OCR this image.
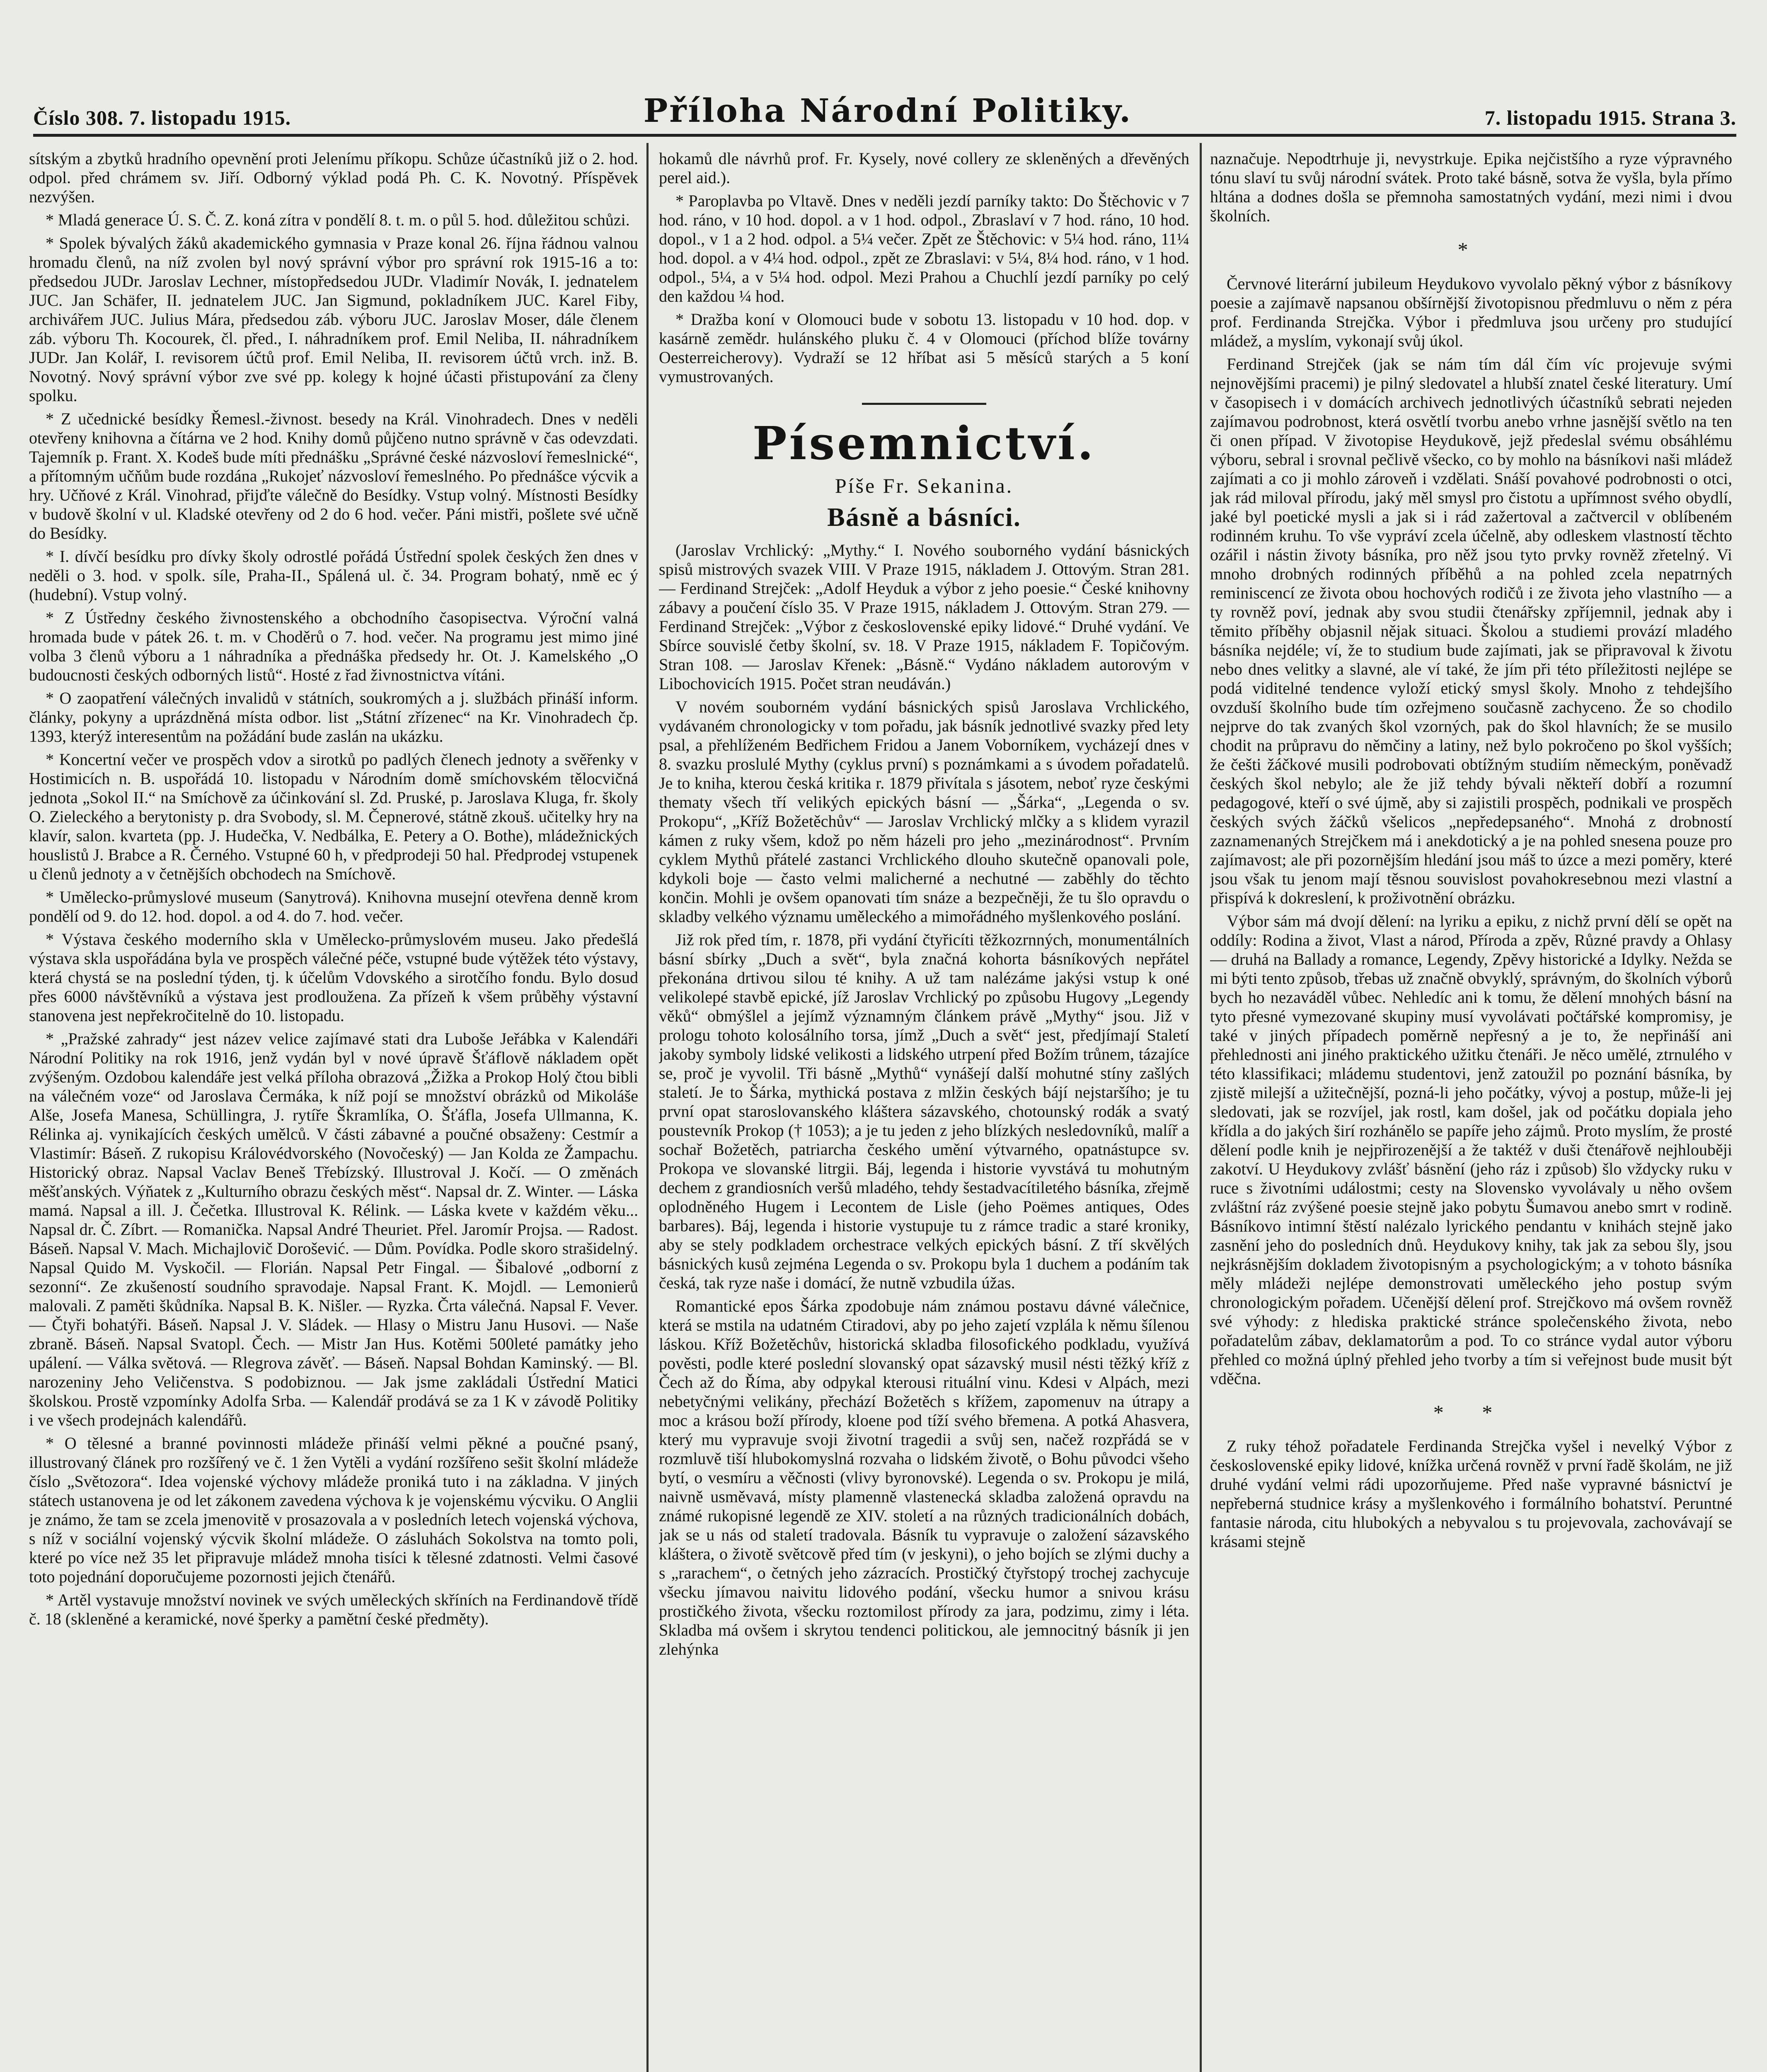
Číslo 308. 7. listopadu 1915.	Příloha Národní Politiky.	7. listopadu 1915. Strana 3.

sítským a zbytků hradního opevnění proti Jelenímu příkopu. Schůze účastníků již o 2. hod. odpol. před chrámem sv. Jiří. Odborný výklad podá Ph. C. K. Novotný. Příspěvek nezvýšen.

* Mladá generace Ú. S. Č. Z. koná zítra v pondělí 8. t. m. o půl 5. hod. důležitou schůzi.

* Spolek bývalých žáků akademického gymnasia v Praze konal 26. října řádnou valnou hromadu členů, na níž zvolen byl nový správní výbor pro správní rok 1915-16 a to: předsedou JUDr. Jaroslav Lechner, místopředsedou JUDr. Vladimír Novák, I. jednatelem JUC. Jan Schäfer, II. jednatelem JUC. Jan Sigmund, pokladníkem JUC. Karel Fiby, archivářem JUC. Julius Mára, předsedou záb. výboru JUC. Jaroslav Moser, dále členem záb. výboru Th. Kocourek, čl. před., I. náhradníkem prof. Emil Neliba, II. náhradníkem JUDr. Jan Kolář, I. revisorem účtů prof. Emil Neliba, II. revisorem účtů vrch. inž. B. Novotný. Nový správní výbor zve své pp. kolegy k hojné účasti přistupování za členy spolku.

* Z učednické besídky Řemesl.-živnost. besedy na Král. Vinohradech. Dnes v neděli otevřeny knihovna a čítárna ve 2 hod. Knihy domů půjčeno nutno správně v čas odevzdati. Tajemník p. Frant. X. Kodeš bude míti přednášku „Správné české názvosloví řemeslnické“, a přítomným učňům bude rozdána „Rukojeť názvosloví řemeslného. Po přednášce výcvik a hry. Učňové z Král. Vinohrad, přijďte válečně do Besídky. Vstup volný. Místnosti Besídky v budově školní v ul. Kladské otevřeny od 2 do 6 hod. večer. Páni mistři, pošlete své učně do Besídky.

* I. dívčí besídku pro dívky školy odrostlé pořádá Ústřední spolek českých žen dnes v neděli o 3. hod. v spolk. síle, Praha-II., Spálená ul. č. 34. Program bohatý, nmě ec ý (hudební). Vstup volný.

* Z Ústředny českého živnostenského a obchodního časopisectva. Výroční valná hromada bude v pátek 26. t. m. v Choděrů o 7. hod. večer. Na programu jest mimo jiné volba 3 členů výboru a 1 náhradníka a přednáška předsedy hr. Ot. J. Kamelského „O budoucnosti českých odborných listů“. Hosté z řad živnostnictva vítáni.

* O zaopatření válečných invalidů v státních, soukromých a j. službách přináší inform. články, pokyny a uprázdněná místa odbor. list „Státní zřízenec“ na Kr. Vinohradech čp. 1393, kterýž interesentům na požádání bude zaslán na ukázku.

* Koncertní večer ve prospěch vdov a sirotků po padlých členech jednoty a svěřenky v Hostimicích n. B. uspořádá 10. listopadu v Národním domě smíchovském tělocvičná jednota „Sokol II.“ na Smíchově za účinkování sl. Zd. Pruské, p. Jaroslava Kluga, fr. školy O. Zieleckého a berytonisty p. dra Svobody, sl. M. Čepnerové, státně zkouš. učitelky hry na klavír, salon. kvarteta (pp. J. Hudečka, V. Nedbálka, E. Petery a O. Bothe), mládežnických houslistů J. Brabce a R. Černého. Vstupné 60 h, v předprodeji 50 hal. Předprodej vstupenek u členů jednoty a v četnějších obchodech na Smíchově.

* Umělecko-průmyslové museum (Sanytrová). Knihovna musejní otevřena denně krom pondělí od 9. do 12. hod. dopol. a od 4. do 7. hod. večer.

* Výstava českého moderního skla v Umělecko-průmyslovém museu. Jako předešlá výstava skla uspořádána byla ve prospěch válečné péče, vstupné bude výtěžek této výstavy, která chystá se na poslední týden, tj. k účelům Vdovského a sirotčího fondu. Bylo dosud přes 6000 návštěvníků a výstava jest prodloužena. Za přízeň k všem průběhy výstavní stanovena jest nepřekročitelně do 10. listopadu.

* „Pražské zahrady“ jest název velice zajímavé stati dra Luboše Jeřábka v Kalendáři Národní Politiky na rok 1916, jenž vydán byl v nové úpravě Šťáflově nákladem opět zvýšeným. Ozdobou kalendáře jest velká příloha obrazová „Žižka a Prokop Holý čtou bibli na válečném voze“ od Jaroslava Čermáka, k níž pojí se množství obrázků od Mikoláše Alše, Josefa Manesa, Schüllingra, J. rytíře Škramlíka, O. Šťáfla, Josefa Ullmanna, K. Rélinka aj. vynikajících českých umělců. V části zábavné a poučné obsaženy: Cestmír a Vlastimír: Báseň. Z rukopisu Královédvorského (Novočeský) — Jan Kolda ze Žampachu. Historický obraz. Napsal Vaclav Beneš Třebízský. Illustroval J. Kočí. — O změnách měšťanských. Výňatek z „Kulturního obrazu českých měst“. Napsal dr. Z. Winter. — Láska mamá. Napsal a ill. J. Čečetka. Illustroval K. Rélink. — Láska kvete v každém věku... Napsal dr. Č. Zíbrt. — Romanička. Napsal André Theuriet. Přel. Jaromír Projsa. — Radost. Báseň. Napsal V. Mach. Michajlovič Dorošević. — Dům. Povídka. Podle skoro strašidelný. Napsal Quido M. Vyskočil. — Florián. Napsal Petr Fingal. — Šibalové „odborní z sezonní“. Ze zkušeností soudního spravodaje. Napsal Frant. K. Mojdl. — Lemonierů malovali. Z paměti škůdníka. Napsal B. K. Nišler. — Ryzka. Črta válečná. Napsal F. Vever. — Čtyři bohatýři. Báseň. Napsal J. V. Sládek. — Hlasy o Mistru Janu Husovi. — Naše zbraně. Báseň. Napsal Svatopl. Čech. — Mistr Jan Hus. Kotěmi 500leté památky jeho upálení. — Válka světová. — Rlegrova závěť. — Báseň. Napsal Bohdan Kaminský. — Bl. narozeniny Jeho Veličenstva. S podobiznou. — Jak jsme zakládali Ústřední Matici školskou. Prostě vzpomínky Adolfa Srba. — Kalendář prodává se za 1 K v závodě Politiky i ve všech prodejnách kalendářů.

* O tělesné a branné povinnosti mládeže přináší velmi pěkné a poučné psaný, illustrovaný článek pro rozšířený ve č. 1 žen Vytěli a vydání rozšířeno sešit školní mládeže číslo „Světozora“. Idea vojenské výchovy mládeže proniká tuto i na základna. V jiných státech ustanovena je od let zákonem zavedena výchova k je vojenskému výcviku. O Anglii je známo, že tam se zcela jmenovitě v prosazovala a v posledních letech vojenská výchova, s níž v sociální vojenský výcvik školní mládeže. O zásluhách Sokolstva na tomto poli, které po více než 35 let připravuje mládež mnoha tisíci k tělesné zdatnosti. Velmi časové toto pojednání doporučujeme pozornosti jejich čtenářů.

* Artěl vystavuje množství novinek ve svých uměleckých skříních na Ferdinandově třídě č. 18 (skleněné a keramické, nové šperky a pamětní české předměty).

hokamů dle návrhů prof. Fr. Kysely, nové collery ze skleněných a dřevěných perel aid.).

* Paroplavba po Vltavě. Dnes v neděli jezdí parníky takto: Do Štěchovic v 7 hod. ráno, v 10 hod. dopol. a v 1 hod. odpol., Zbraslaví v 7 hod. ráno, 10 hod. dopol., v 1 a 2 hod. odpol. a 5¼ večer. Zpět ze Štěchovic: v 5¼ hod. ráno, 11¼ hod. dopol. a v 4¼ hod. odpol., zpět ze Zbraslavi: v 5¼, 8¼ hod. ráno, v 1 hod. odpol., 5¼, a v 5¼ hod. odpol. Mezi Prahou a Chuchlí jezdí parníky po celý den každou ¼ hod.

* Dražba koní v Olomouci bude v sobotu 13. listopadu v 10 hod. dop. v kasárně zemědr. hulánského pluku č. 4 v Olomouci (příchod blíže továrny Oesterreicherovy). Vydraží se 12 hříbat asi 5 měsíců starých a 5 koní vymustrovaných.

Písemnictví.
Píše Fr. Sekanina.
Básně a básníci.

(Jaroslav Vrchlický: „Mythy.“ I. Nového souborného vydání básnických spisů mistrových svazek VIII. V Praze 1915, nákladem J. Ottovým. Stran 281. — Ferdinand Strejček: „Adolf Heyduk a výbor z jeho poesie.“ České knihovny zábavy a poučení číslo 35. V Praze 1915, nákladem J. Ottovým. Stran 279. — Ferdinand Strejček: „Výbor z československé epiky lidové.“ Druhé vydání. Ve Sbírce souvislé četby školní, sv. 18. V Praze 1915, nákladem F. Topičovým. Stran 108. — Jaroslav Křenek: „Básně.“ Vydáno nákladem autorovým v Libochovicích 1915. Počet stran neudáván.)

V novém souborném vydání básnických spisů Jaroslava Vrchlického, vydávaném chronologicky v tom pořadu, jak básník jednotlivé svazky před lety psal, a přehlíženém Bedřichem Fridou a Janem Voborníkem, vycházejí dnes v 8. svazku proslulé Mythy (cyklus první) s poznámkami a s úvodem pořadatelů. Je to kniha, kterou česká kritika r. 1879 přivítala s jásotem, neboť ryze českými thematy všech tří velikých epických básní — „Šárka“, „Legenda o sv. Prokopu“, „Kříž Božetěchův“ — Jaroslav Vrchlický mlčky a s klidem vyrazil kámen z ruky všem, kdož po něm házeli pro jeho „mezinárodnost“. Prvním cyklem Mythů přátelé zastanci Vrchlického dlouho skutečně opanovali pole, kdykoli boje — často velmi malicherné a nechutné — zaběhly do těchto končin. Mohli je ovšem opanovati tím snáze a bezpečněji, že tu šlo opravdu o skladby velkého významu uměleckého a mimořádného myšlenkového poslání.

Již rok před tím, r. 1878, při vydání čtyřicíti těžkozrnných, monumentálních básní sbírky „Duch a svět“, byla značná kohorta básníkových nepřátel překonána drtivou silou té knihy. A už tam nalézáme jakýsi vstup k oné velikolepé stavbě epické, jíž Jaroslav Vrchlický po způsobu Hugovy „Legendy věků“ obmýšlel a jejímž významným článkem právě „Mythy“ jsou. Již v prologu tohoto kolosálního torsa, jímž „Duch a svět“ jest, předjímají Staletí jakoby symboly lidské velikosti a lidského utrpení před Božím trůnem, tázajíce se, proč je vyvolil. Tři básně „Mythů“ vynášejí další mohutné stíny zašlých staletí. Je to Šárka, mythická postava z mlžin českých bájí nejstaršího; je tu první opat staroslovanského kláštera sázavského, chotounský rodák a svatý poustevník Prokop († 1053); a je tu jeden z jeho blízkých nesledovníků, malíř a sochař Božetěch, patriarcha českého umění výtvarného, opatnástupce sv. Prokopa ve slovanské litrgii. Báj, legenda i historie vyvstává tu mohutným dechem z grandiosních veršů mladého, tehdy šestadvacítiletého básníka, zřejmě oplodněného Hugem i Lecontem de Lisle (jeho Poëmes antiques, Odes barbares). Báj, legenda i historie vystupuje tu z rámce tradic a staré kroniky, aby se stely podkladem orchestrace velkých epických básní. Z tří skvělých básnických kusů zejména Legenda o sv. Prokopu byla 1 duchem a podáním tak česká, tak ryze naše i domácí, že nutně vzbudila úžas.

Romantické epos Šárka zpodobuje nám známou postavu dávné válečnice, která se mstila na udatném Ctiradovi, aby po jeho zajetí vzplála k němu šílenou láskou. Kříž Božetěchův, historická skladba filosofického podkladu, využívá pověsti, podle které poslední slovanský opat sázavský musil nésti těžký kříž z Čech až do Říma, aby odpykal kterousi rituální vinu. Kdesi v Alpách, mezi nebetyčnými velikány, přechází Božetěch s křížem, zapomenuv na útrapy a moc a krásou boží přírody, kloene pod tíží svého břemena. A potká Ahasvera, který mu vypravuje svoji životní tragedii a svůj sen, načež rozpřádá se v rozmluvě tiší hlubokomyslná rozvaha o lidském životě, o Bohu původci všeho bytí, o vesmíru a věčnosti (vlivy byronovské). Legenda o sv. Prokopu je milá, naivně usměvavá, místy plamenně vlastenecká skladba založená opravdu na známé rukopisné legendě ze XIV. století a na různých tradicionálních dobách, jak se u nás od staletí tradovala. Básník tu vypravuje o založení sázavského kláštera, o životě světcově před tím (v jeskyni), o jeho bojích se zlými duchy a s „rarachem“, o četných jeho zázracích. Prostičký čtyřstopý trochej zachycuje všecku jímavou naivitu lidového podání, všecku humor a snivou krásu prostičkého života, všecku roztomilost přírody za jara, podzimu, zimy i léta. Skladba má ovšem i skrytou tendenci politickou, ale jemnocitný básník ji jen zlehýnka

naznačuje. Nepodtrhuje ji, nevystrkuje. Epika nejčistšího a ryze výpravného tónu slaví tu svůj národní svátek. Proto také básně, sotva že vyšla, byla přímo hltána a dodnes došla se přemnoha samostatných vydání, mezi nimi i dvou školních.

*

Červnové literární jubileum Heydukovo vyvolalo pěkný výbor z básníkovy poesie a zajímavě napsanou obšírnější životopisnou předmluvu o něm z péra prof. Ferdinanda Strejčka. Výbor i předmluva jsou určeny pro studující mládež, a myslím, vykonají svůj úkol.

Ferdinand Strejček (jak se nám tím dál čím víc projevuje svými nejnovějšími pracemi) je pilný sledovatel a hlubší znatel české literatury. Umí v časopisech i v domácích archivech jednotlivých účastníků sebrati nejeden zajímavou podrobnost, která osvětlí tvorbu anebo vrhne jasnější světlo na ten či onen případ. V životopise Heydukově, jejž předeslal svému obsáhlému výboru, sebral i srovnal pečlivě všecko, co by mohlo na básníkovi naši mládež zajímati a co ji mohlo zároveň i vzdělati. Snáší povahové podrobnosti o otci, jak rád miloval přírodu, jaký měl smysl pro čistotu a upřímnost svého obydlí, jaké byl poetické mysli a jak si i rád zažertoval a začtvercil v oblíbeném rodinném kruhu. To vše vypráví zcela účelně, aby odleskem vlastností těchto ozářil i nástin životy básníka, pro něž jsou tyto prvky rovněž zřetelný. Vi mnoho drobných rodinných příběhů a na pohled zcela nepatrných reminiscencí ze života obou hochových rodičů i ze života jeho vlastního — a ty rovněž poví, jednak aby svou studii čtenářsky zpříjemnil, jednak aby i těmito příběhy objasnil nějak situaci. Školou a studiemi provází mladého básníka nejdéle; ví, že to studium bude zajímati, jak se připravoval k životu nebo dnes velitky a slavné, ale ví také, že jím při této příležitosti nejlépe se podá viditelné tendence vyloží etický smysl školy. Mnoho z tehdejšího ovzduší školního bude tím ozřejmeno současně zachyceno. Že so chodilo nejprve do tak zvaných škol vzorných, pak do škol hlavních; že se musilo chodit na průpravu do němčiny a latiny, než bylo pokročeno po škol vyšších; že češti žáčkové musili podrobovati obtížným studiím německým, poněvadž českých škol nebylo; ale že již tehdy bývali někteří dobří a rozumní pedagogové, kteří o své újmě, aby si zajistili prospěch, podnikali ve prospěch českých svých žáčků všelicos „nepředepsaného“. Mnohá z drobností zaznamenaných Strejčkem má i anekdotický a je na pohled snesena pouze pro zajímavost; ale při pozornějším hledání jsou máš to úzce a mezi poměry, které jsou však tu jenom mají těsnou souvislost povahokresebnou mezi vlastní a přispívá k dokreslení, k proživotnění obrázku.

Výbor sám má dvojí dělení: na lyriku a epiku, z nichž první dělí se opět na oddíly: Rodina a život, Vlast a národ, Příroda a zpěv, Různé pravdy a Ohlasy — druhá na Ballady a romance, Legendy, Zpěvy historické a Idylky. Nežda se mi býti tento způsob, třebas už značně obvyklý, správným, do školních výborů bych ho nezaváděl vůbec. Nehledíc ani k tomu, že dělení mnohých básní na tyto přesné vymezované skupiny musí vyvolávati počtářské kompromisy, je také v jiných případech poměrně nepřesný a je to, že nepřináší ani přehlednosti ani jiného praktického užitku čtenáři. Je něco umělé, ztrnulého v této klassifikaci; mládemu studentovi, jenž zatoužil po poznání básníka, by zjistě milejší a užitečnější, pozná-li jeho počátky, vývoj a postup, může-li jej sledovati, jak se rozvíjel, jak rostl, kam došel, jak od počátku dopiala jeho křídla a do jakých širí rozhánělo se papíře jeho zájmů. Proto myslím, že prosté dělení podle knih je nejpřirozenější a že taktéž v duši čtenářově nejhlouběji zakotví. U Heydukovy zvlášť básnění (jeho ráz i způsob) šlo vždycky ruku v ruce s životními událostmi; cesty na Slovensko vyvolávaly u něho ovšem zvláštní ráz zvýšené poesie stejně jako pobytu Šumavou anebo smrt v rodině. Básníkovo intimní štěstí nalézalo lyrického pendantu v knihách stejně jako zasnění jeho do posledních dnů. Heydukovy knihy, tak jak za sebou šly, jsou nejkrásnějším dokladem životopisným a psychologickým; a v tohoto básníka měly mládeži nejlépe demonstrovati uměleckého jeho postup svým chronologickým pořadem. Učenější dělení prof. Strejčkovo má ovšem rovněž své výhody: z hlediska praktické stránce společenského života, nebo pořadatelům zábav, deklamatorům a pod. To co stránce vydal autor výboru přehled co možná úplný přehled jeho tvorby a tím si veřejnost bude musit být vděčna.

* *

Z ruky téhož pořadatele Ferdinanda Strejčka vyšel i nevelký Výbor z československé epiky lidové, knížka určená rovněž v první řadě školám, ne již druhé vydání velmi rádi upozorňujeme. Před naše vypravné básnictví je nepřeberná studnice krásy a myšlenkového i formálního bohatství. Peruntné fantasie národa, citu hlubokých a nebyvalou s tu projevovala, zachovávají se krásami stejně
